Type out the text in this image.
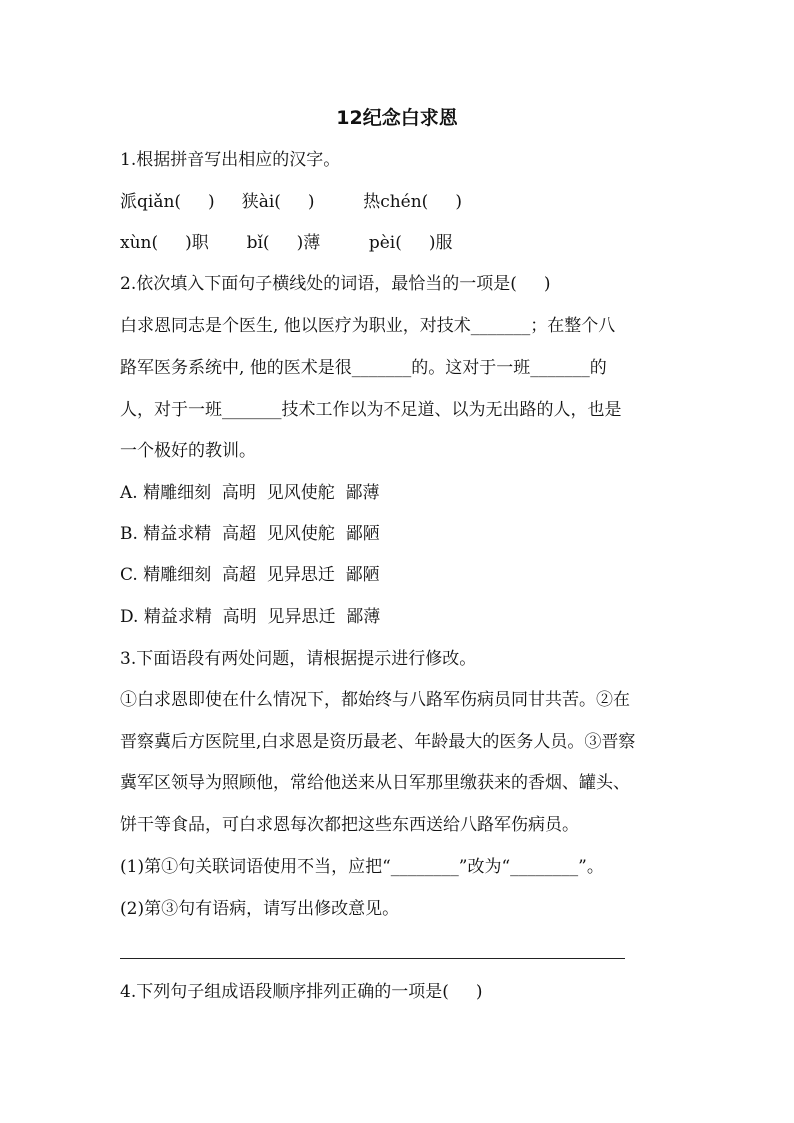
12纪念白求恩
1.根据拼音写出相应的汉字。
派qiǎn(     )     狭ài(     )         热chén(     )
xùn(     )职       bǐ(     )薄         pèi(     )服
2.依次填入下面句子横线处的词语，最恰当的一项是(     )
白求恩同志是个医生, 他以医疗为职业，对技术_______；在整个八
路军医务系统中, 他的医术是很_______的。这对于一班_______的
人，对于一班_______技术工作以为不足道、以为无出路的人，也是
一个极好的教训。
A. 精雕细刻  高明  见风使舵  鄙薄
B. 精益求精  高超  见风使舵  鄙陋
C. 精雕细刻  高超  见异思迁  鄙陋
D. 精益求精  高明  见异思迁  鄙薄
3.下面语段有两处问题，请根据提示进行修改。
①白求恩即使在什么情况下，都始终与八路军伤病员同甘共苦。②在
晋察冀后方医院里,白求恩是资历最老、年龄最大的医务人员。③晋察
冀军区领导为照顾他，常给他送来从日军那里缴获来的香烟、罐头、
饼干等食品，可白求恩每次都把这些东西送给八路军伤病员。
(1)第①句关联词语使用不当，应把“________”改为“________”。
(2)第③句有语病，请写出修改意见。
4.下列句子组成语段顺序排列正确的一项是(     )
